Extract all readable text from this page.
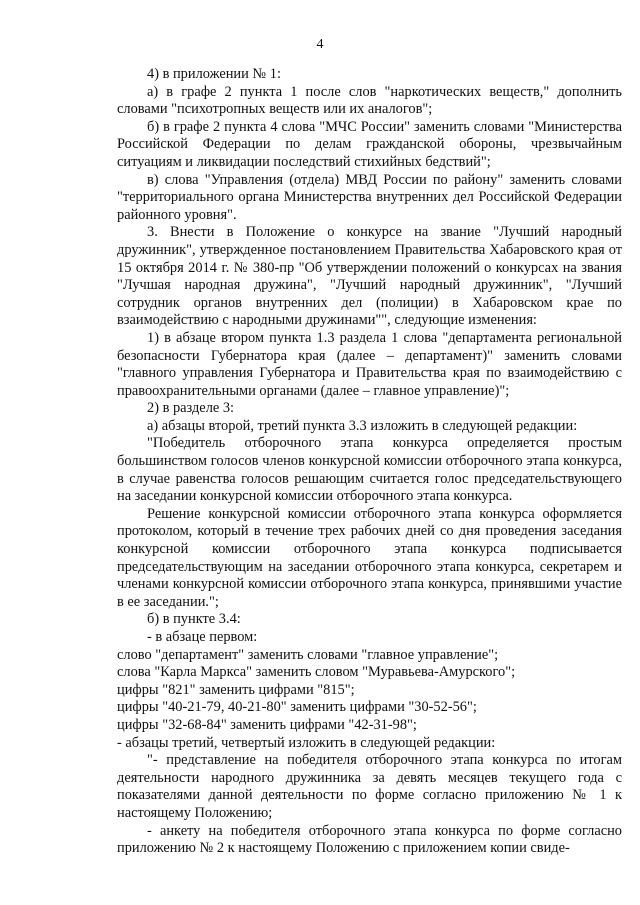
4

4) в приложении № 1:

а) в графе 2 пункта 1 после слов "наркотических веществ," дополнить словами "психотропных веществ или их аналогов";

б) в графе 2 пункта 4 слова "МЧС России" заменить словами "Министерства Российской Федерации по делам гражданской обороны, чрезвычайным ситуациям и ликвидации последствий стихийных бедствий";

в) слова "Управления (отдела) МВД России по району" заменить словами "территориального органа Министерства внутренних дел Российской Федерации районного уровня".

3. Внести в Положение о конкурсе на звание "Лучший народный дружинник", утвержденное постановлением Правительства Хабаровского края от 15 октября 2014 г. № 380-пр "Об утверждении положений о конкурсах на звания "Лучшая народная дружина", "Лучший народный дружинник", "Лучший сотрудник органов внутренних дел (полиции) в Хабаровском крае по взаимодействию с народными дружинами"", следующие изменения:

1) в абзаце втором пункта 1.3 раздела 1 слова "департамента региональной безопасности Губернатора края (далее – департамент)" заменить словами "главного управления Губернатора и Правительства края по взаимодействию с правоохранительными органами (далее – главное управление)";

2) в разделе 3:

а) абзацы второй, третий пункта 3.3 изложить в следующей редакции:

"Победитель отборочного этапа конкурса определяется простым большинством голосов членов конкурсной комиссии отборочного этапа конкурса, в случае равенства голосов решающим считается голос председательствующего на заседании конкурсной комиссии отборочного этапа конкурса.

Решение конкурсной комиссии отборочного этапа конкурса оформляется протоколом, который в течение трех рабочих дней со дня проведения заседания конкурсной комиссии отборочного этапа конкурса подписывается председательствующим на заседании отборочного этапа конкурса, секретарем и членами конкурсной комиссии отборочного этапа конкурса, принявшими участие в ее заседании.";

б) в пункте 3.4:

- в абзаце первом:

слово "департамент" заменить словами "главное управление";

слова "Карла Маркса" заменить словом "Муравьева-Амурского";

цифры "821" заменить цифрами "815";

цифры "40-21-79, 40-21-80" заменить цифрами "30-52-56";

цифры "32-68-84" заменить цифрами "42-31-98";

- абзацы третий, четвертый изложить в следующей редакции:

"- представление на победителя отборочного этапа конкурса по итогам деятельности народного дружинника за девять месяцев текущего года с показателями данной деятельности по форме согласно приложению № 1 к настоящему Положению;

- анкету на победителя отборочного этапа конкурса по форме согласно приложению № 2 к настоящему Положению с приложением копии свиде-
